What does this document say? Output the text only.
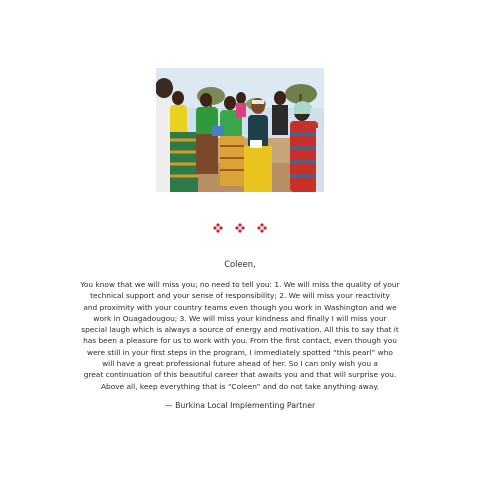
Coleen,
You know that we will miss you; no need to tell you: 1. We will miss the quality of your
technical support and your sense of responsibility; 2. We will miss your reactivity
and proximity with your country teams even though you work in Washington and we
work in Ouagadougou; 3. We will miss your kindness and finally I will miss your
special laugh which is always a source of energy and motivation. All this to say that it
has been a pleasure for us to work with you. From the first contact, even though you
were still in your first steps in the program, I immediately spotted “this pearl” who
will have a great professional future ahead of her. So I can only wish you a
great continuation of this beautiful career that awaits you and that will surprise you.
Above all, keep everything that is “Coleen” and do not take anything away.
— Burkina Local Implementing Partner
